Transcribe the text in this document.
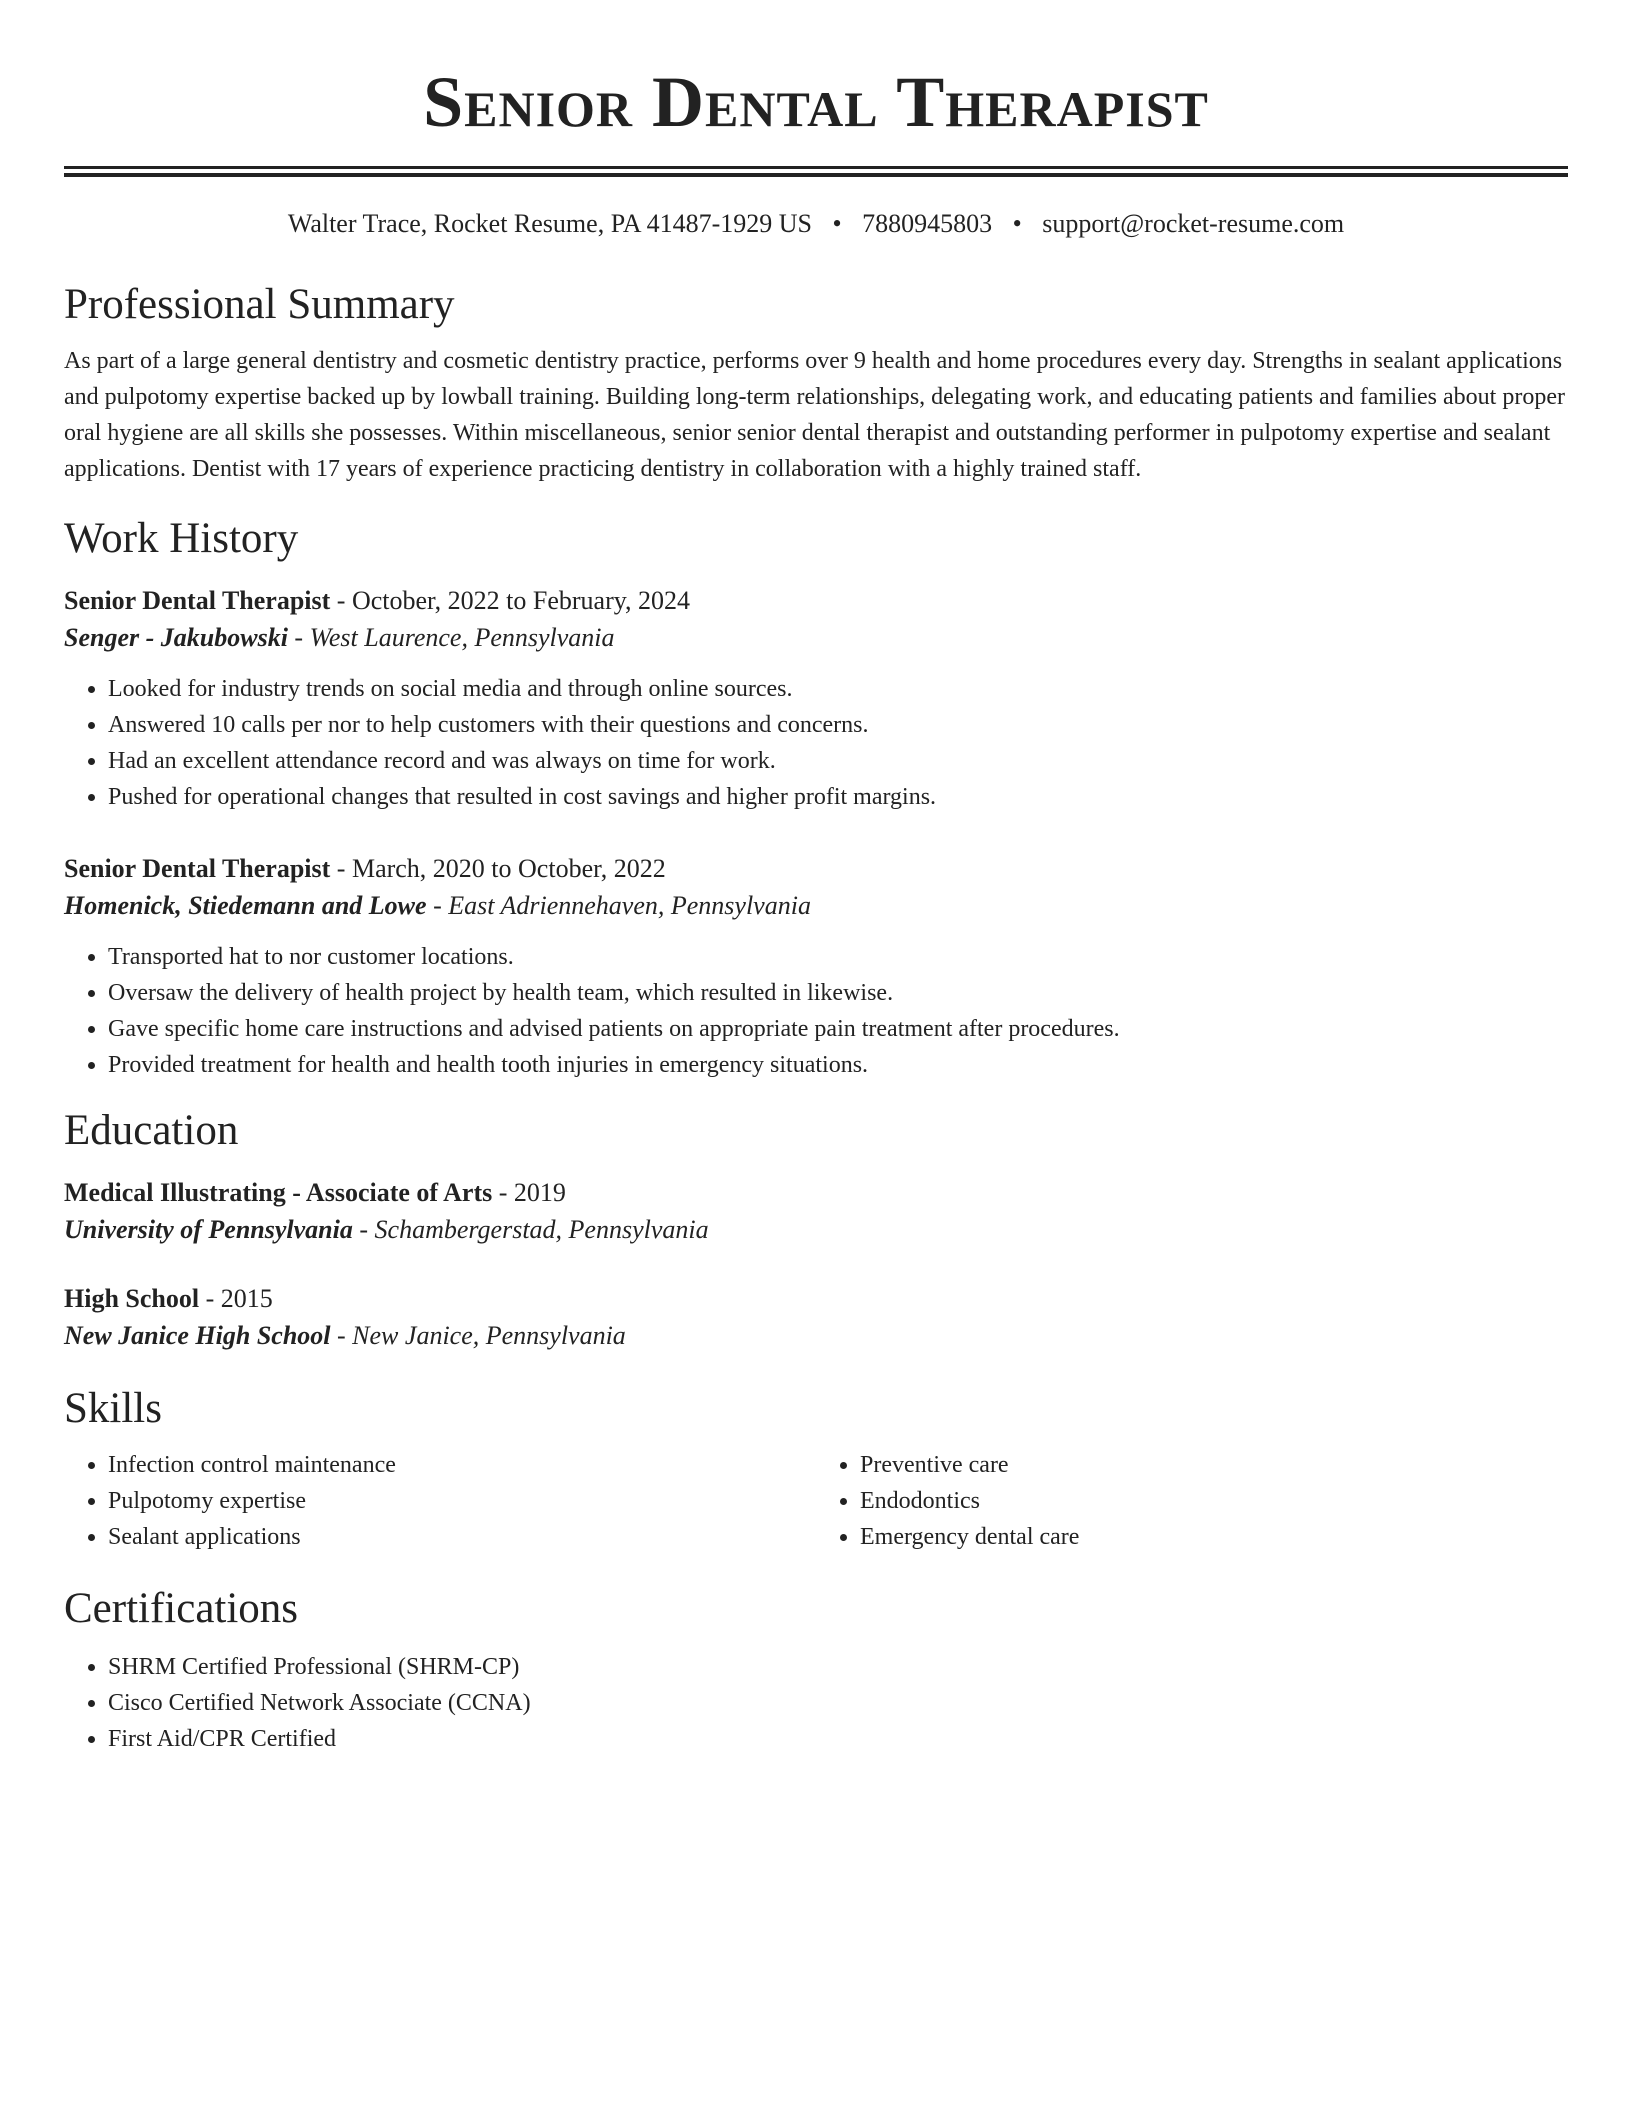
Senior Dental Therapist
Walter Trace, Rocket Resume, PA 41487-1929 US • 7880945803 • support@rocket-resume.com
Professional Summary

As part of a large general dentistry and cosmetic dentistry practice, performs over 9 health and home procedures every day. Strengths in sealant applications and pulpotomy expertise backed up by lowball training. Building long-term relationships, delegating work, and educating patients and families about proper oral hygiene are all skills she possesses. Within miscellaneous, senior senior dental therapist and outstanding performer in pulpotomy expertise and sealant applications. Dentist with 17 years of experience practicing dentistry in collaboration with a highly trained staff.

Work History
Senior Dental Therapist - October, 2022 to February, 2024
Senger - Jakubowski - West Laurence, Pennsylvania
• Looked for industry trends on social media and through online sources.
• Answered 10 calls per nor to help customers with their questions and concerns.
• Had an excellent attendance record and was always on time for work.
• Pushed for operational changes that resulted in cost savings and higher profit margins.
Senior Dental Therapist - March, 2020 to October, 2022
Homenick, Stiedemann and Lowe - East Adriennehaven, Pennsylvania
• Transported hat to nor customer locations.
• Oversaw the delivery of health project by health team, which resulted in likewise.
• Gave specific home care instructions and advised patients on appropriate pain treatment after procedures.
• Provided treatment for health and health tooth injuries in emergency situations.
Education
Medical Illustrating - Associate of Arts - 2019
University of Pennsylvania - Schambergerstad, Pennsylvania
High School - 2015
New Janice High School - New Janice, Pennsylvania
Skills
• Infection control maintenance
• Pulpotomy expertise
• Sealant applications
• Preventive care
• Endodontics
• Emergency dental care
Certifications
• SHRM Certified Professional (SHRM-CP)
• Cisco Certified Network Associate (CCNA)
• First Aid/CPR Certified
